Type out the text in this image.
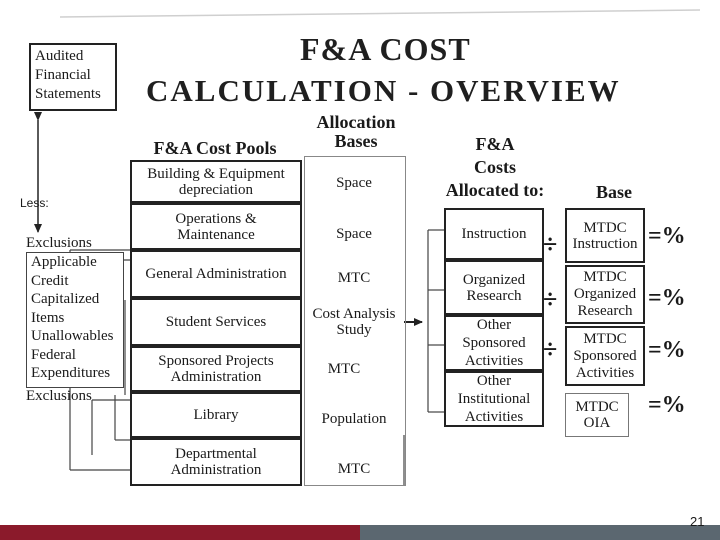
F&A COST
CALCULATION - OVERVIEW
Audited
Financial
Statements
Less:
Exclusions
Applicable
Credit
Capitalized
Items
Unallowables
Federal
Expenditures
Exclusions
F&A Cost Pools
Allocation
Bases	F&A
Costs
Allocated to:	Base
Building & Equipment
depreciation
Operations &
Maintenance
General Administration
Student Services
Sponsored Projects
Administration
Library
Departmental
Administration
Space
Space
MTC
Cost Analysis Study
MTC
Population
MTC
Instruction
Organized
Research
Other
Sponsored
Activities
Other
Institutional
Activities
÷
÷
÷
MTDC
Instruction
MTDC
Organized
Research
MTDC
Sponsored
Activities
MTDC
OIA
=%
=%
=%
=%
21
